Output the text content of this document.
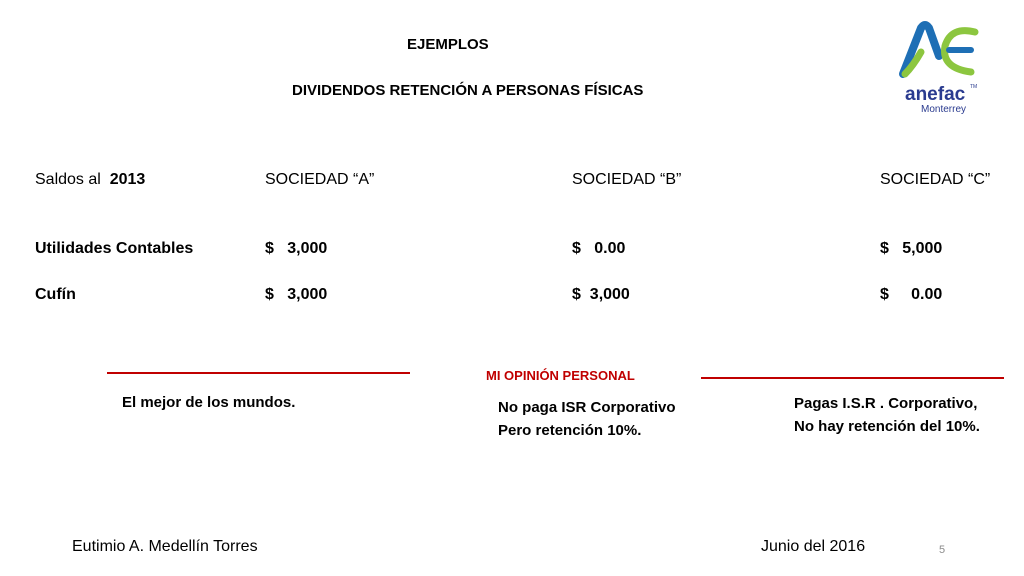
EJEMPLOS
DIVIDENDOS RETENCIÓN A PERSONAS FÍSICAS	anefac TM
Monterrey
Saldos al 2013	SOCIEDAD “A”	SOCIEDAD “B”	SOCIEDAD “C”
Utilidades Contables	$   3,000	$   0.00	$   5,000
Cufín	$   3,000	$  3,000	$     0.00
MI OPINIÓN PERSONAL
El mejor de los mundos.	No paga ISR Corporativo Pero retención 10%.
Pagas I.S.R . Corporativo, No hay retención del 10%.
Eutimio A. Medellín Torres	Junio del 2016	5
